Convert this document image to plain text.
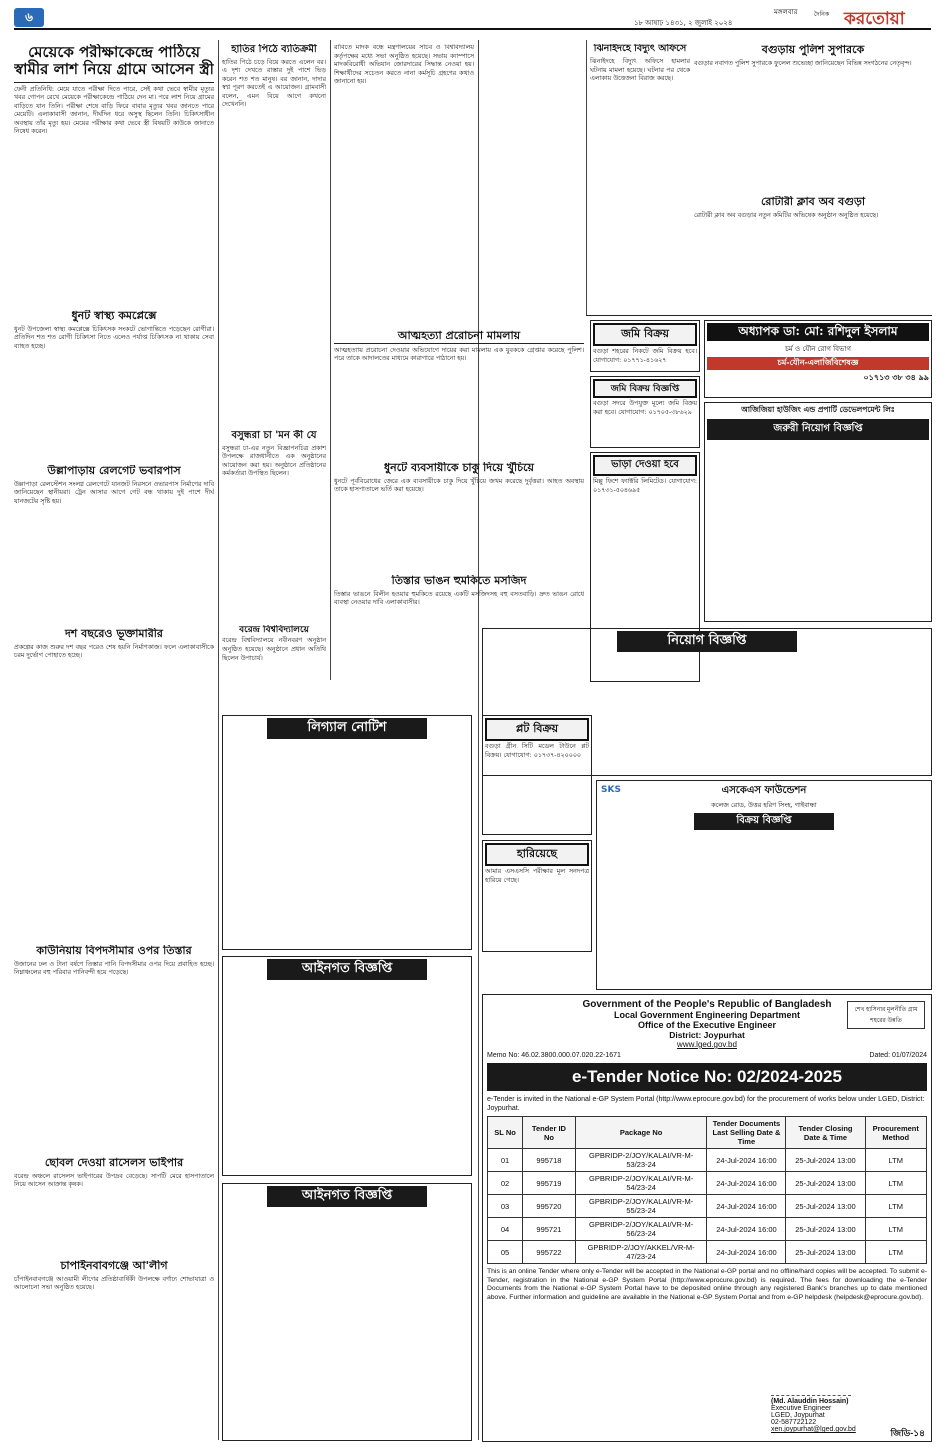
৬	মঙ্গলবার
১৮ আষাঢ় ১৪৩১, ২ জুলাই ২০২৪
দৈনিক করতোয়া
মেয়েকে পরীক্ষাকেন্দ্রে পাঠিয়ে স্বামীর লাশ নিয়ে গ্রামে আসেন স্ত্রী
ফেনী প্রতিনিধি: মেয়ে যাতে পরীক্ষা দিতে পারে, সেই কথা ভেবে স্বামীর মৃত্যুর খবর গোপন রেখে মেয়েকে পরীক্ষাকেন্দ্রে পাঠিয়ে দেন মা। পরে লাশ নিয়ে গ্রামের বাড়িতে যান তিনি। পরীক্ষা শেষে বাড়ি ফিরে বাবার মৃত্যুর খবর জানতে পারে মেয়েটি। এলাকাবাসী জানান, দীর্ঘদিন ধরে অসুস্থ ছিলেন তিনি। চিকিৎসাধীন অবস্থায় তাঁর মৃত্যু হয়। মেয়ের পরীক্ষার কথা ভেবে স্ত্রী বিষয়টি কাউকে জানাতে নিষেধ করেন।
ধুনট স্বাস্থ্য কমপ্লেক্সে
ধুনট উপজেলা স্বাস্থ্য কমপ্লেক্সে চিকিৎসক সংকটে ভোগান্তিতে পড়েছেন রোগীরা। প্রতিদিন শত শত রোগী চিকিৎসা নিতে এলেও পর্যাপ্ত চিকিৎসক না থাকায় সেবা ব্যাহত হচ্ছে।
উল্লাপাড়ায় রেলগেট ভবারপাস
উল্লাপাড়া রেলস্টেশন সংলগ্ন রেলগেটে যানজট নিরসনে ওভারপাস নির্মাণের দাবি জানিয়েছেন স্থানীয়রা। ট্রেন আসার আগে গেট বন্ধ থাকায় দুই পাশে দীর্ঘ যানজটের সৃষ্টি হয়।
দশ বছরেও ভূক্তামারীর
প্রকল্পের কাজ শুরুর দশ বছর পরেও শেষ হয়নি নির্মাণকাজ। ফলে এলাকাবাসীকে চরম দুর্ভোগ পোহাতে হচ্ছে।
কাউনিয়ায় বিপদসীমার ওপর তিস্তার
উজানের ঢল ও টানা বর্ষণে তিস্তার পানি বিপদসীমার ওপর দিয়ে প্রবাহিত হচ্ছে। নিম্নাঞ্চলের বহু পরিবার পানিবন্দী হয়ে পড়েছে।
ছোবল দেওয়া রাসেলস ভাইপার
বরেন্দ্র অঞ্চলে রাসেলস ভাইপারের উপদ্রব বেড়েছে। সাপটি মেরে হাসপাতালে নিয়ে আসেন আক্রান্ত কৃষক।
চাপাইনবাবগঞ্জে আ'লীগ
চাঁপাইনবাবগঞ্জে আওয়ামী লীগের প্রতিষ্ঠাবার্ষিকী উপলক্ষে বর্ণাঢ্য শোভাযাত্রা ও আলোচনা সভা অনুষ্ঠিত হয়েছে।
হাতির পিঠে ব্যতিক্রমী
হাতির পিঠে চড়ে বিয়ে করতে এলেন বর। এ দৃশ্য দেখতে রাস্তার দুই পাশে ভিড় করেন শত শত মানুষ। বর জানান, দাদার স্বপ্ন পূরণ করতেই এ আয়োজন। গ্রামবাসী বলেন, এমন বিয়ে আগে কখনো দেখেননি।
বসুন্ধরা চা 'মন কী যে
বসুন্ধরা চা-এর নতুন বিজ্ঞাপনচিত্র প্রকাশ উপলক্ষে রাজধানীতে এক অনুষ্ঠানের আয়োজন করা হয়। অনুষ্ঠানে প্রতিষ্ঠানের কর্মকর্তারা উপস্থিত ছিলেন।
বরেন্দ্র বিশ্ববিদ্যালয়ে
বরেন্দ্র বিশ্ববিদ্যালয়ে নবীনবরণ অনুষ্ঠান অনুষ্ঠিত হয়েছে। অনুষ্ঠানে প্রধান অতিথি ছিলেন উপাচার্য।
রাবিতে মাদক বন্ধে মন্ত্রণালয়ের সচিব ও বিশ্ববিদ্যালয় কর্তৃপক্ষের মধ্যে সভা অনুষ্ঠিত হয়েছে। সভায় ক্যাম্পাসে মাদকবিরোধী অভিযান জোরদারের সিদ্ধান্ত নেওয়া হয়। শিক্ষার্থীদের সচেতন করতে নানা কর্মসূচি গ্রহণের কথাও জানানো হয়।
আত্মহত্যা প্ররোচনা মামলায়
আত্মহত্যায় প্ররোচনা দেওয়ার অভিযোগে দায়ের করা মামলায় এক যুবককে গ্রেপ্তার করেছে পুলিশ। পরে তাকে আদালতের মাধ্যমে কারাগারে পাঠানো হয়।
ধুনটে ব্যবসায়ীকে চাকু দিয়ে খুঁচিয়ে
ধুনটে পূর্ববিরোধের জেরে এক ব্যবসায়ীকে চাকু দিয়ে খুঁচিয়ে জখম করেছে দুর্বৃত্তরা। আহত অবস্থায় তাকে হাসপাতালে ভর্তি করা হয়েছে।
তিস্তার ভাঙন হুমকিতে মসজিদ
তিস্তার ভাঙনে বিলীন হওয়ার হুমকিতে রয়েছে একটি মসজিদসহ বহু বসতবাড়ি। দ্রুত ভাঙন রোধে ব্যবস্থা নেওয়ার দাবি এলাকাবাসীর।
ঝিনাইদহে বিদ্যুৎ অফিসে
ঝিনাইদহে বিদ্যুৎ অফিসে হামলার ঘটনায় মামলা হয়েছে। ঘটনার পর থেকে এলাকায় উত্তেজনা বিরাজ করছে।
বগুড়ায় পুলিশ সুপারকে
বগুড়ার নবাগত পুলিশ সুপারকে ফুলেল শুভেচ্ছা জানিয়েছেন বিভিন্ন সংগঠনের নেতৃবৃন্দ।
রোটারী ক্লাব অব বগুড়া
রোটারী ক্লাব অব বগুড়ার নতুন কমিটির অভিষেক অনুষ্ঠান অনুষ্ঠিত হয়েছে।
জমি বিক্রয়
বগুড়া শহরের নিকটে জমি বিক্রয় হবে। যোগাযোগ: ০১৭৭১-৪১৬২৭
জমি বিক্রয় বিজ্ঞপ্তি
বগুড়া সদরে উপযুক্ত মূল্যে জমি বিক্রয় করা হবে। যোগাযোগ: ০১৭০৫-৩৮৬২৯
ভাড়া দেওয়া হবে
মিল্লু ফিশে ফ্যাক্টরি লিমিটেড। যোগাযোগ: ০১৭৩১-৫০৪৬৯৫
অধ্যাপক ডা: মো: রশিদুল ইসলাম
চর্ম ও যৌন রোগ বিভাগ
চর্ম-যৌন-এলার্জিবিশেষজ্ঞ
০১৭১৩ ৩৮ ৩৪ ৯৯
আজিজিয়া হাউজিং এন্ড প্রপার্টি ডেভেলপমেন্ট লিঃ
জরুরী নিয়োগ বিজ্ঞপ্তি
নিয়োগ বিজ্ঞপ্তি
লিগ্যাল নোটিশ	প্লট বিক্রয়
বগুড়া গ্রীন সিটি মডেল টাউনে প্লট বিক্রয়। যোগাযোগ: ০১৭৩৭-৪২০০০০
হারিয়েছে
আমার এসএসসি পরীক্ষার মূল সনদপত্র হারিয়ে গেছে।
SKS	এসকেএস ফাউন্ডেশন
কলেজ রোড, উত্তর হরিণ সিংহ, গাইবান্ধা
বিক্রয় বিজ্ঞপ্তি
আইনগত বিজ্ঞপ্তি
আইনগত বিজ্ঞপ্তি
শেখ হাসিনার মূলনীতি গ্রাম শহরের উন্নতি
Government of the People's Republic of Bangladesh
Local Government Engineering Department
Office of the Executive Engineer
District: Joypurhat
www.lged.gov.bd
Memo No: 46.02.3800.000.07.020.22-1671	Dated: 01/07/2024
e-Tender Notice No: 02/2024-2025
e-Tender is invited in the National e-GP System Portal (http://www.eprocure.gov.bd) for the procurement of works below under LGED, District: Joypurhat.
SL No	Tender ID No	Package No	Tender Documents Last Selling Date & Time	Tender Closing Date & Time	Procurement Method
01	995718	GPBRIDP-2/JOY/KALAI/VR-M-53/23-24	24-Jul-2024 16:00	25-Jul-2024 13:00	LTM
02	995719	GPBRIDP-2/JOY/KALAI/VR-M-54/23-24	24-Jul-2024 16:00	25-Jul-2024 13:00	LTM
03	995720	GPBRIDP-2/JOY/KALAI/VR-M-55/23-24	24-Jul-2024 16:00	25-Jul-2024 13:00	LTM
04	995721	GPBRIDP-2/JOY/KALAI/VR-M-56/23-24	24-Jul-2024 16:00	25-Jul-2024 13:00	LTM
05	995722	GPBRIDP-2/JOY/AKKEL/VR-M-47/23-24	24-Jul-2024 16:00	25-Jul-2024 13:00	LTM
This is an online Tender where only e-Tender will be accepted in the National e-GP portal and no offline/hard copies will be accepted. To submit e-Tender, registration in the National e-GP System Portal (http://www.eprocure.gov.bd) is required. The fees for downloading the e-Tender Documents from the National e-GP System Portal have to be deposited online through any registered Bank's branches up to date mentioned above. Further information and guideline are available in the National e-GP System Portal and from e-GP helpdesk (helpdesk@eprocure.gov.bd).
(Md. Alauddin Hossain)
Executive Engineer
LGED, Joypurhat
02-587722122
xen.joypurhat@lged.gov.bd	জিডি-১৪
